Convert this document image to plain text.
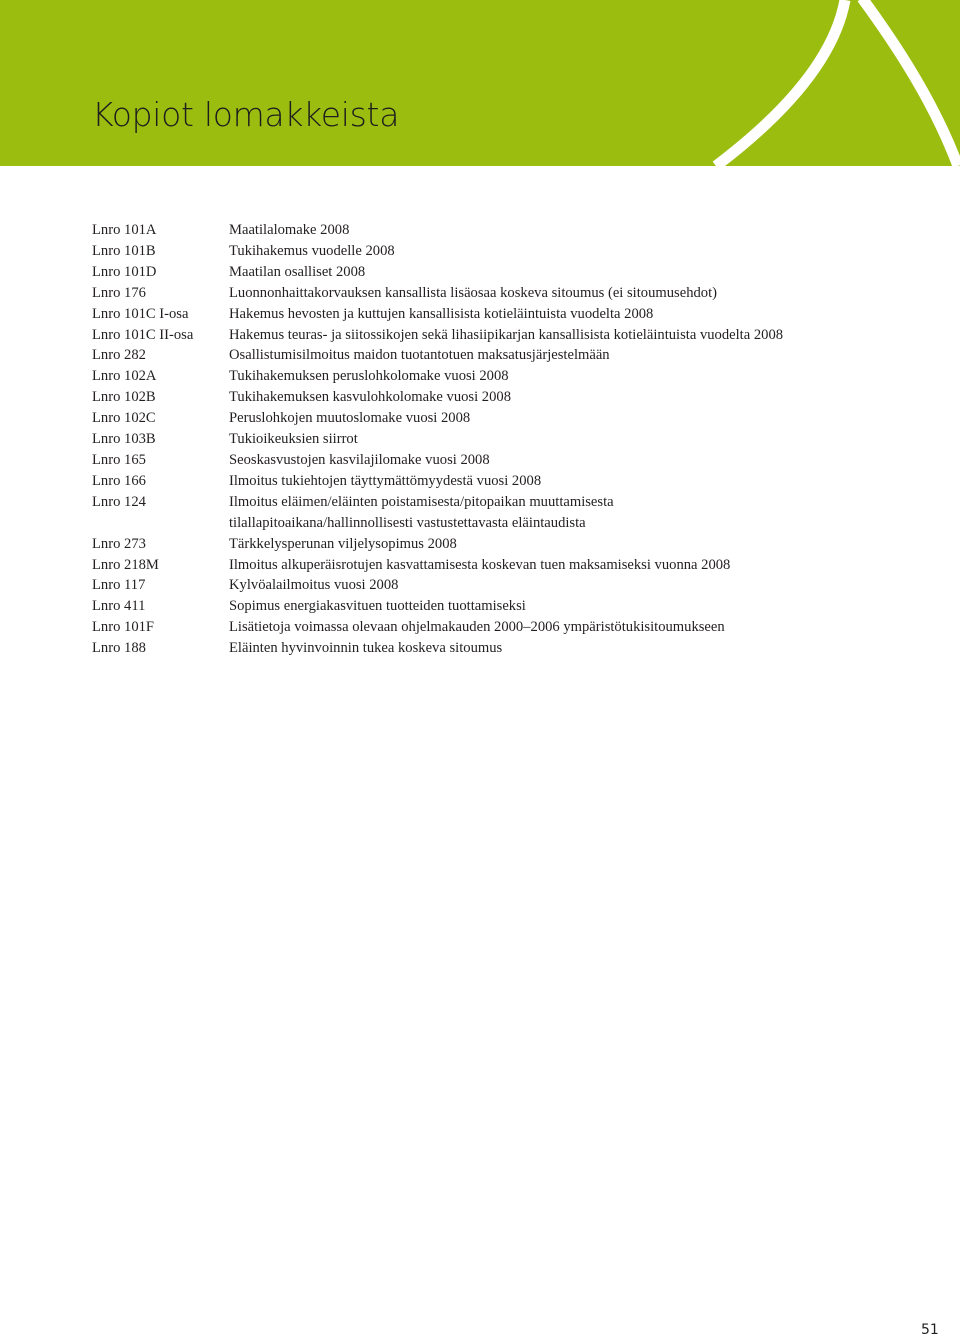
Kopiot lomakkeista
Lnro 101A	Maatilalomake 2008
Lnro 101B	Tukihakemus vuodelle 2008
Lnro 101D	Maatilan osalliset 2008
Lnro 176	Luonnonhaittakorvauksen kansallista lisäosaa koskeva sitoumus (ei sitoumusehdot)
Lnro 101C I-osa	Hakemus hevosten ja kuttujen kansallisista kotieläintuista vuodelta 2008
Lnro 101C II-osa	Hakemus teuras- ja siitossikojen sekä lihasiipikarjan kansallisista kotieläintuista vuodelta 2008
Lnro 282	Osallistumisilmoitus maidon tuotantotuen maksatusjärjestelmään
Lnro 102A	Tukihakemuksen peruslohkolomake vuosi 2008
Lnro 102B	Tukihakemuksen kasvulohkolomake vuosi 2008
Lnro 102C	Peruslohkojen muutoslomake vuosi 2008
Lnro 103B	Tukioikeuksien siirrot
Lnro 165	Seoskasvustojen kasvilajilomake vuosi 2008
Lnro 166	Ilmoitus tukiehtojen täyttymättömyydestä vuosi 2008
Lnro 124	Ilmoitus eläimen/eläinten poistamisesta/pitopaikan muuttamisesta
tilallapitoaikana/hallinnollisesti vastustettavasta eläintaudista
Lnro 273	Tärkkelysperunan viljelysopimus 2008
Lnro 218M	Ilmoitus alkuperäisrotujen kasvattamisesta koskevan tuen maksamiseksi vuonna 2008
Lnro 117	Kylvöalailmoitus vuosi 2008
Lnro 411	Sopimus energiakasvituen tuotteiden tuottamiseksi
Lnro 101F	Lisätietoja voimassa olevaan ohjelmakauden 2000–2006 ympäristötukisitoumukseen
Lnro 188	Eläinten hyvinvoinnin tukea koskeva sitoumus
51
